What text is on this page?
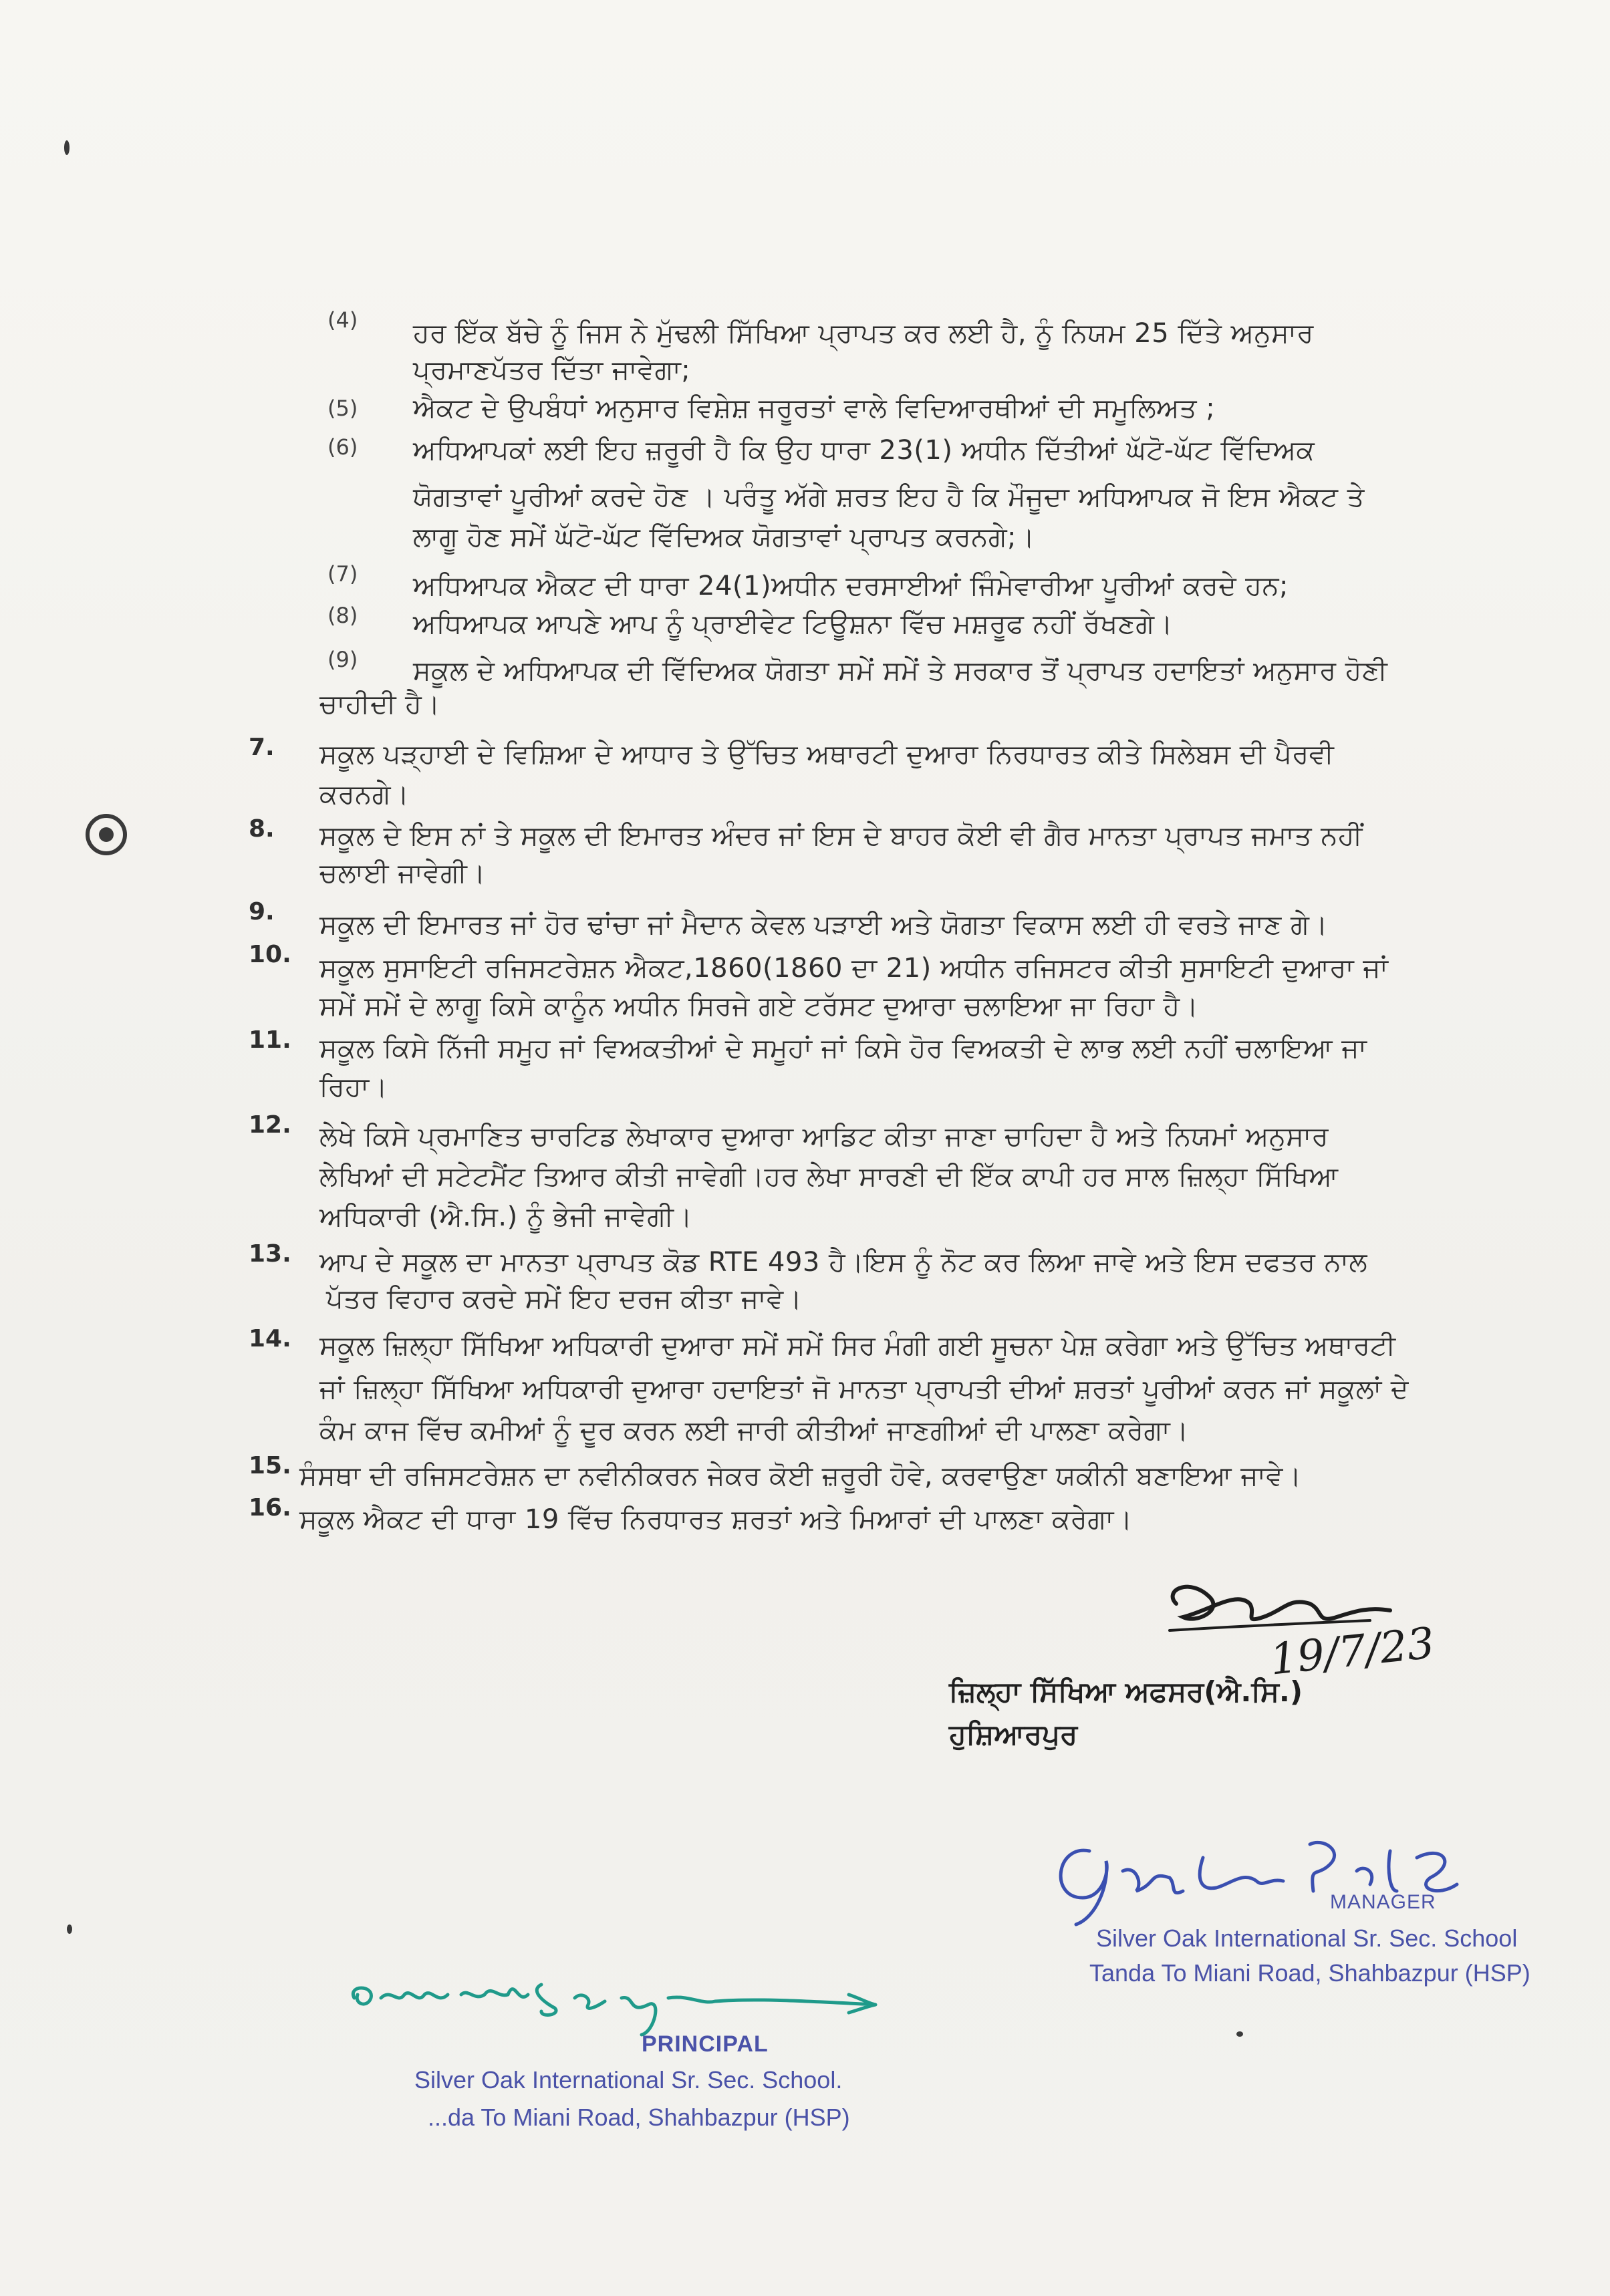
(4) ਹਰ ਇੱਕ ਬੱਚੇ ਨੂੰ ਜਿਸ ਨੇ ਮੁੱਢਲੀ ਸਿੱਖਿਆ ਪ੍ਰਾਪਤ ਕਰ ਲਈ ਹੈ, ਨੂੰ ਨਿਯਮ 25 ਦਿੱਤੇ ਅਨੁਸਾਰ
ਪ੍ਰਮਾਣਪੱਤਰ ਦਿੱਤਾ ਜਾਵੇਗਾ;
(5) ਐਕਟ ਦੇ ਉਪਬੰਧਾਂ ਅਨੁਸਾਰ ਵਿਸ਼ੇਸ਼ ਜਰੂਰਤਾਂ ਵਾਲੇ ਵਿਦਿਆਰਥੀਆਂ ਦੀ ਸਮੂਲਿਅਤ ;
(6) ਅਧਿਆਪਕਾਂ ਲਈ ਇਹ ਜ਼ਰੂਰੀ ਹੈ ਕਿ ਉਹ ਧਾਰਾ 23(1) ਅਧੀਨ ਦਿੱਤੀਆਂ ਘੱਟੋ-ਘੱਟ ਵਿੱਦਿਅਕ
ਯੋਗਤਾਵਾਂ ਪੂਰੀਆਂ ਕਰਦੇ ਹੋਣ । ਪਰੰਤੂ ਅੱਗੇ ਸ਼ਰਤ ਇਹ ਹੈ ਕਿ ਮੌਜੂਦਾ ਅਧਿਆਪਕ ਜੋ ਇਸ ਐਕਟ ਤੇ
ਲਾਗੂ ਹੋਣ ਸਮੇਂ ਘੱਟੋ-ਘੱਟ ਵਿੱਦਿਅਕ ਯੋਗਤਾਵਾਂ ਪ੍ਰਾਪਤ ਕਰਨਗੇ;।
(7) ਅਧਿਆਪਕ ਐਕਟ ਦੀ ਧਾਰਾ 24(1)ਅਧੀਨ ਦਰਸਾਈਆਂ ਜਿੰਮੇਵਾਰੀਆ ਪੂਰੀਆਂ ਕਰਦੇ ਹਨ;
(8) ਅਧਿਆਪਕ ਆਪਣੇ ਆਪ ਨੂੰ ਪ੍ਰਾਈਵੇਟ ਟਿਊਸ਼ਨਾ ਵਿੱਚ ਮਸ਼ਰੂਫ ਨਹੀਂ ਰੱਖਣਗੇ।
(9) ਸਕੂਲ ਦੇ ਅਧਿਆਪਕ ਦੀ ਵਿੱਦਿਅਕ ਯੋਗਤਾ ਸਮੇਂ ਸਮੇਂ ਤੇ ਸਰਕਾਰ ਤੋਂ ਪ੍ਰਾਪਤ ਹਦਾਇਤਾਂ ਅਨੁਸਾਰ ਹੋਣੀ
ਚਾਹੀਦੀ ਹੈ।
7. ਸਕੂਲ ਪੜ੍ਹਾਈ ਦੇ ਵਿਸ਼ਿਆ ਦੇ ਆਧਾਰ ਤੇ ਉੱਚਿਤ ਅਥਾਰਟੀ ਦੁਆਰਾ ਨਿਰਧਾਰਤ ਕੀਤੇ ਸਿਲੇਬਸ ਦੀ ਪੈਰਵੀ
ਕਰਨਗੇ।
8. ਸਕੂਲ ਦੇ ਇਸ ਨਾਂ ਤੇ ਸਕੂਲ ਦੀ ਇਮਾਰਤ ਅੰਦਰ ਜਾਂ ਇਸ ਦੇ ਬਾਹਰ ਕੋਈ ਵੀ ਗੈਰ ਮਾਨਤਾ ਪ੍ਰਾਪਤ ਜਮਾਤ ਨਹੀਂ
ਚਲਾਈ ਜਾਵੇਗੀ।
9. ਸਕੂਲ ਦੀ ਇਮਾਰਤ ਜਾਂ ਹੋਰ ਢਾਂਚਾ ਜਾਂ ਮੈਦਾਨ ਕੇਵਲ ਪੜਾਈ ਅਤੇ ਯੋਗਤਾ ਵਿਕਾਸ ਲਈ ਹੀ ਵਰਤੇ ਜਾਣ ਗੇ।
10. ਸਕੂਲ ਸੁਸਾਇਟੀ ਰਜਿਸਟਰੇਸ਼ਨ ਐਕਟ,1860(1860 ਦਾ 21) ਅਧੀਨ ਰਜਿਸਟਰ ਕੀਤੀ ਸੁਸਾਇਟੀ ਦੁਆਰਾ ਜਾਂ
ਸਮੇਂ ਸਮੇਂ ਦੇ ਲਾਗੂ ਕਿਸੇ ਕਾਨੂੰਨ ਅਧੀਨ ਸਿਰਜੇ ਗਏ ਟਰੱਸਟ ਦੁਆਰਾ ਚਲਾਇਆ ਜਾ ਰਿਹਾ ਹੈ।
11. ਸਕੂਲ ਕਿਸੇ ਨਿੱਜੀ ਸਮੂਹ ਜਾਂ ਵਿਅਕਤੀਆਂ ਦੇ ਸਮੂਹਾਂ ਜਾਂ ਕਿਸੇ ਹੋਰ ਵਿਅਕਤੀ ਦੇ ਲਾਭ ਲਈ ਨਹੀਂ ਚਲਾਇਆ ਜਾ
ਰਿਹਾ।
12. ਲੇਖੇ ਕਿਸੇ ਪ੍ਰਮਾਣਿਤ ਚਾਰਟਿਡ ਲੇਖਾਕਾਰ ਦੁਆਰਾ ਆਡਿਟ ਕੀਤਾ ਜਾਣਾ ਚਾਹਿਦਾ ਹੈ ਅਤੇ ਨਿਯਮਾਂ ਅਨੁਸਾਰ
ਲੇਖਿਆਂ ਦੀ ਸਟੇਟਮੈਂਟ ਤਿਆਰ ਕੀਤੀ ਜਾਵੇਗੀ।ਹਰ ਲੇਖਾ ਸਾਰਣੀ ਦੀ ਇੱਕ ਕਾਪੀ ਹਰ ਸਾਲ ਜ਼ਿਲ੍ਹਾ ਸਿੱਖਿਆ
ਅਧਿਕਾਰੀ (ਐ.ਸਿ.) ਨੂੰ ਭੇਜੀ ਜਾਵੇਗੀ।
13. ਆਪ ਦੇ ਸਕੂਲ ਦਾ ਮਾਨਤਾ ਪ੍ਰਾਪਤ ਕੋਡ RTE 493 ਹੈ।ਇਸ ਨੂੰ ਨੋਟ ਕਰ ਲਿਆ ਜਾਵੇ ਅਤੇ ਇਸ ਦਫਤਰ ਨਾਲ
ਪੱਤਰ ਵਿਹਾਰ ਕਰਦੇ ਸਮੇਂ ਇਹ ਦਰਜ ਕੀਤਾ ਜਾਵੇ।
14. ਸਕੂਲ ਜ਼ਿਲ੍ਹਾ ਸਿੱਖਿਆ ਅਧਿਕਾਰੀ ਦੁਆਰਾ ਸਮੇਂ ਸਮੇਂ ਸਿਰ ਮੰਗੀ ਗਈ ਸੂਚਨਾ ਪੇਸ਼ ਕਰੇਗਾ ਅਤੇ ਉੱਚਿਤ ਅਥਾਰਟੀ
ਜਾਂ ਜ਼ਿਲ੍ਹਾ ਸਿੱਖਿਆ ਅਧਿਕਾਰੀ ਦੁਆਰਾ ਹਦਾਇਤਾਂ ਜੋ ਮਾਨਤਾ ਪ੍ਰਾਪਤੀ ਦੀਆਂ ਸ਼ਰਤਾਂ ਪੂਰੀਆਂ ਕਰਨ ਜਾਂ ਸਕੂਲਾਂ ਦੇ
ਕੰਮ ਕਾਜ ਵਿੱਚ ਕਮੀਆਂ ਨੂੰ ਦੂਰ ਕਰਨ ਲਈ ਜਾਰੀ ਕੀਤੀਆਂ ਜਾਣਗੀਆਂ ਦੀ ਪਾਲਣਾ ਕਰੇਗਾ।
15. ਸੰਸਥਾ ਦੀ ਰਜਿਸਟਰੇਸ਼ਨ ਦਾ ਨਵੀਨੀਕਰਨ ਜੇਕਰ ਕੋਈ ਜ਼ਰੂਰੀ ਹੋਵੇ, ਕਰਵਾਉਣਾ ਯਕੀਨੀ ਬਣਾਇਆ ਜਾਵੇ।
16. ਸਕੂਲ ਐਕਟ ਦੀ ਧਾਰਾ 19 ਵਿੱਚ ਨਿਰਧਾਰਤ ਸ਼ਰਤਾਂ ਅਤੇ ਮਿਆਰਾਂ ਦੀ ਪਾਲਣਾ ਕਰੇਗਾ।
19/7/23
ਜ਼ਿਲ੍ਹਾ ਸਿੱਖਿਆ ਅਫਸਰ(ਐ.ਸਿ.)
ਹੁਸ਼ਿਆਰਪੁਰ
MANAGER
Silver Oak International Sr. Sec. School
Tanda To Miani Road, Shahbazpur (HSP)
PRINCIPAL
Silver Oak International Sr. Sec. School.
...da To Miani Road, Shahbazpur (HSP)
